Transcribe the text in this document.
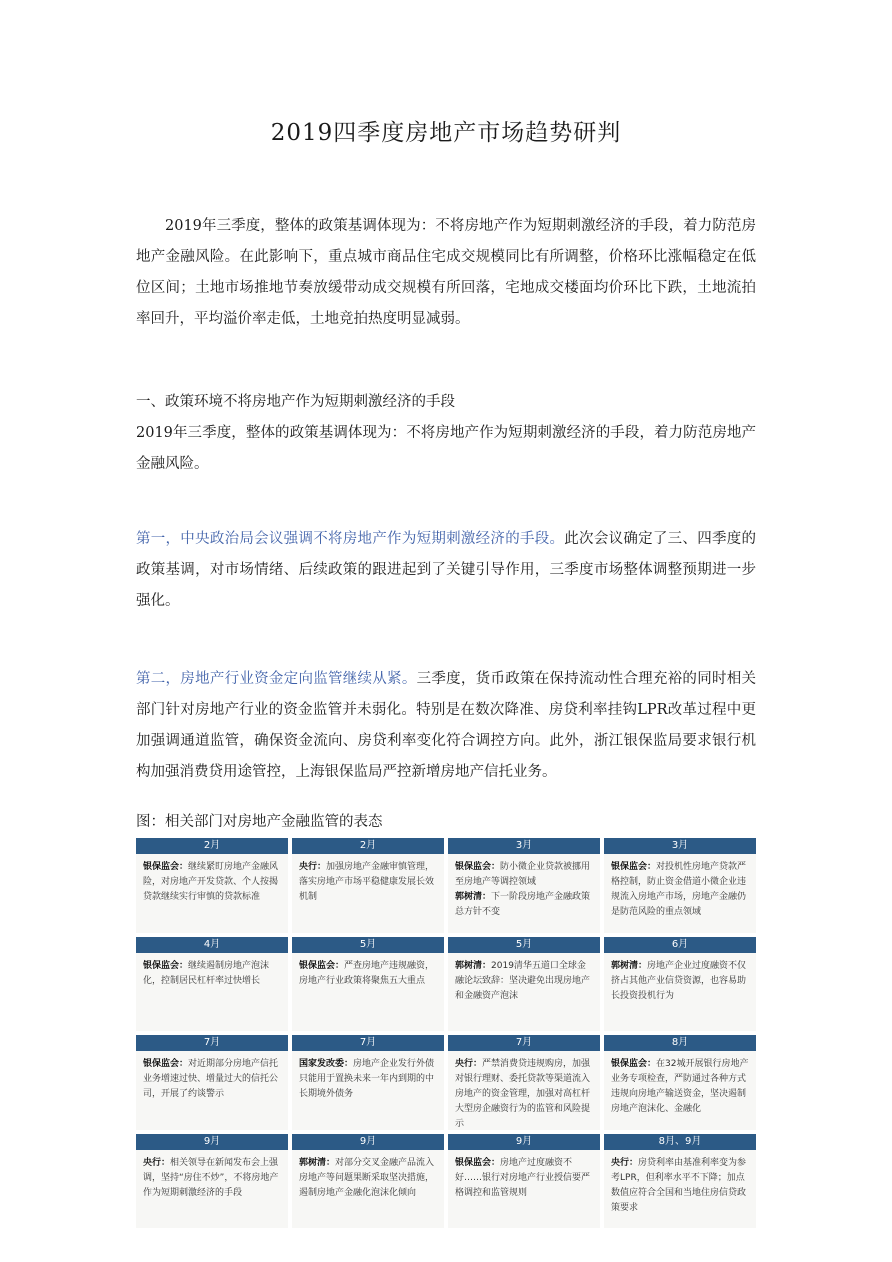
2019四季度房地产市场趋势研判

2019年三季度，整体的政策基调体现为：不将房地产作为短期刺激经济的手段，着力防范房地产金融风险。在此影响下，重点城市商品住宅成交规模同比有所调整，价格环比涨幅稳定在低位区间；土地市场推地节奏放缓带动成交规模有所回落，宅地成交楼面均价环比下跌，土地流拍率回升，平均溢价率走低，土地竞拍热度明显减弱。

一、政策环境不将房地产作为短期刺激经济的手段

2019年三季度，整体的政策基调体现为：不将房地产作为短期刺激经济的手段，着力防范房地产金融风险。

第一，中央政治局会议强调不将房地产作为短期刺激经济的手段。此次会议确定了三、四季度的政策基调，对市场情绪、后续政策的跟进起到了关键引导作用，三季度市场整体调整预期进一步强化。

第二，房地产行业资金定向监管继续从紧。三季度，货币政策在保持流动性合理充裕的同时相关部门针对房地产行业的资金监管并未弱化。特别是在数次降准、房贷利率挂钩LPR改革过程中更加强调通道监管，确保资金流向、房贷利率变化符合调控方向。此外，浙江银保监局要求银行机构加强消费贷用途管控，上海银保监局严控新增房地产信托业务。

图：相关部门对房地产金融监管的表态

2月
银保监会：继续紧盯房地产金融风险，对房地产开发贷款、个人按揭贷款继续实行审慎的贷款标准
2月
央行：加强房地产金融审慎管理，落实房地产市场平稳健康发展长效机制
3月
银保监会：防小微企业贷款被挪用至房地产等调控领域
郭树清：下一阶段房地产金融政策总方针不变
3月
银保监会：对投机性房地产贷款严格控制，防止资金借道小微企业违规流入房地产市场，房地产金融仍是防范风险的重点领域
4月
银保监会：继续遏制房地产泡沫化，控制居民杠杆率过快增长
5月
银保监会：严查房地产违规融资，房地产行业政策将聚焦五大重点
5月
郭树清：2019清华五道口全球金融论坛致辞：坚决避免出现房地产和金融资产泡沫
6月
郭树清：房地产企业过度融资不仅挤占其他产业信贷资源，也容易助长投资投机行为
7月
银保监会：对近期部分房地产信托业务增速过快、增量过大的信托公司，开展了约谈警示
7月
国家发改委：房地产企业发行外债只能用于置换未来一年内到期的中长期境外债务
7月
央行：严禁消费贷违规购房，加强对银行理财、委托贷款等渠道流入房地产的资金管理，加强对高杠杆大型房企融资行为的监管和风险提示
8月
银保监会：在32城开展银行房地产业务专项检查，严防通过各种方式违规向房地产输送资金，坚决遏制房地产泡沫化、金融化
9月
央行：相关领导在新闻发布会上强调，坚持“房住不炒”，不将房地产作为短期刺激经济的手段
9月
郭树清：对部分交叉金融产品流入房地产等问题果断采取坚决措施，遏制房地产金融化泡沫化倾向
9月
银保监会：房地产过度融资不好……银行对房地产行业授信要严格调控和监管规则
8月、9月
央行：房贷利率由基准利率变为参考LPR，但利率水平不下降；加点数值应符合全国和当地住房信贷政策要求
